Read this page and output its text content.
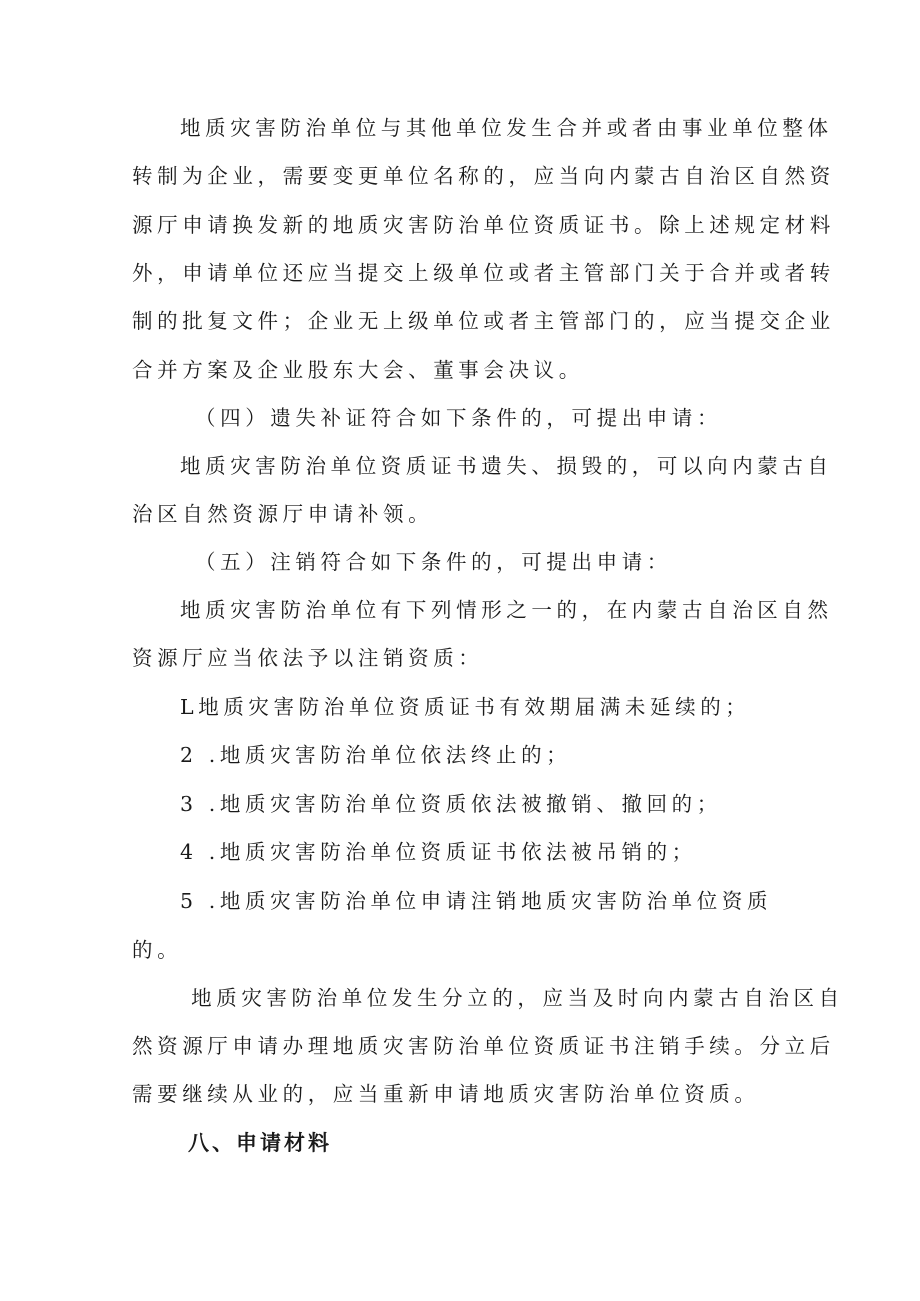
地质灾害防治单位与其他单位发生合并或者由事业单位整体
转制为企业，需要变更单位名称的，应当向内蒙古自治区自然资
源厅申请换发新的地质灾害防治单位资质证书。除上述规定材料
外，申请单位还应当提交上级单位或者主管部门关于合并或者转
制的批复文件；企业无上级单位或者主管部门的，应当提交企业
合并方案及企业股东大会、董事会决议。
（四）遗失补证符合如下条件的，可提出申请：
地质灾害防治单位资质证书遗失、损毁的，可以向内蒙古自
治区自然资源厅申请补领。
（五）注销符合如下条件的，可提出申请：
地质灾害防治单位有下列情形之一的，在内蒙古自治区自然
资源厅应当依法予以注销资质：
L地质灾害防治单位资质证书有效期届满未延续的；
2 .地质灾害防治单位依法终止的；
3 .地质灾害防治单位资质依法被撤销、撤回的；
4 .地质灾害防治单位资质证书依法被吊销的；
5 .地质灾害防治单位申请注销地质灾害防治单位资质
的。
地质灾害防治单位发生分立的，应当及时向内蒙古自治区自
然资源厅申请办理地质灾害防治单位资质证书注销手续。分立后
需要继续从业的，应当重新申请地质灾害防治单位资质。
八、申请材料
